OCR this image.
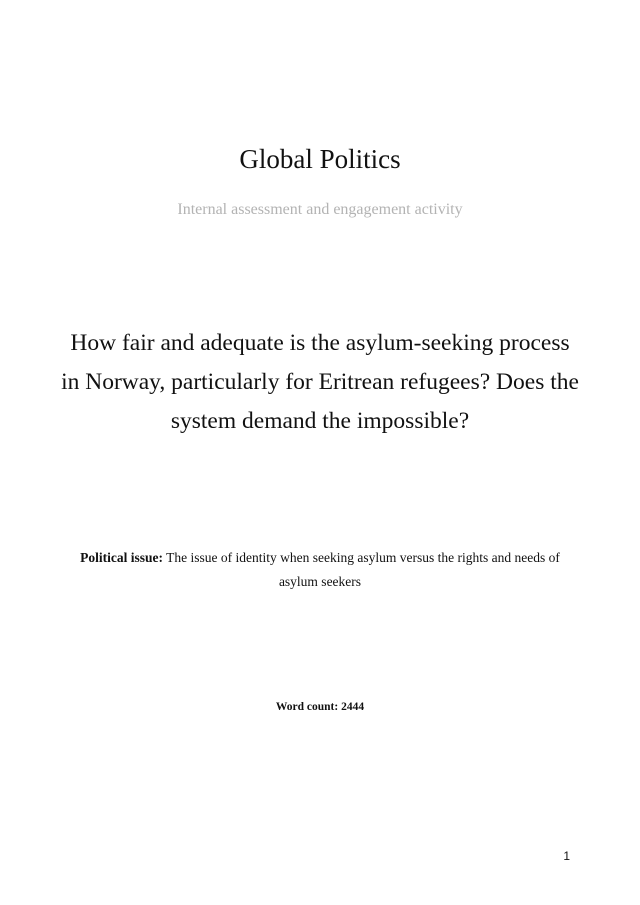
Global Politics
Internal assessment and engagement activity
How fair and adequate is the asylum-seeking process in Norway, particularly for Eritrean refugees? Does the system demand the impossible?
Political issue: The issue of identity when seeking asylum versus the rights and needs of asylum seekers
Word count: 2444
1
